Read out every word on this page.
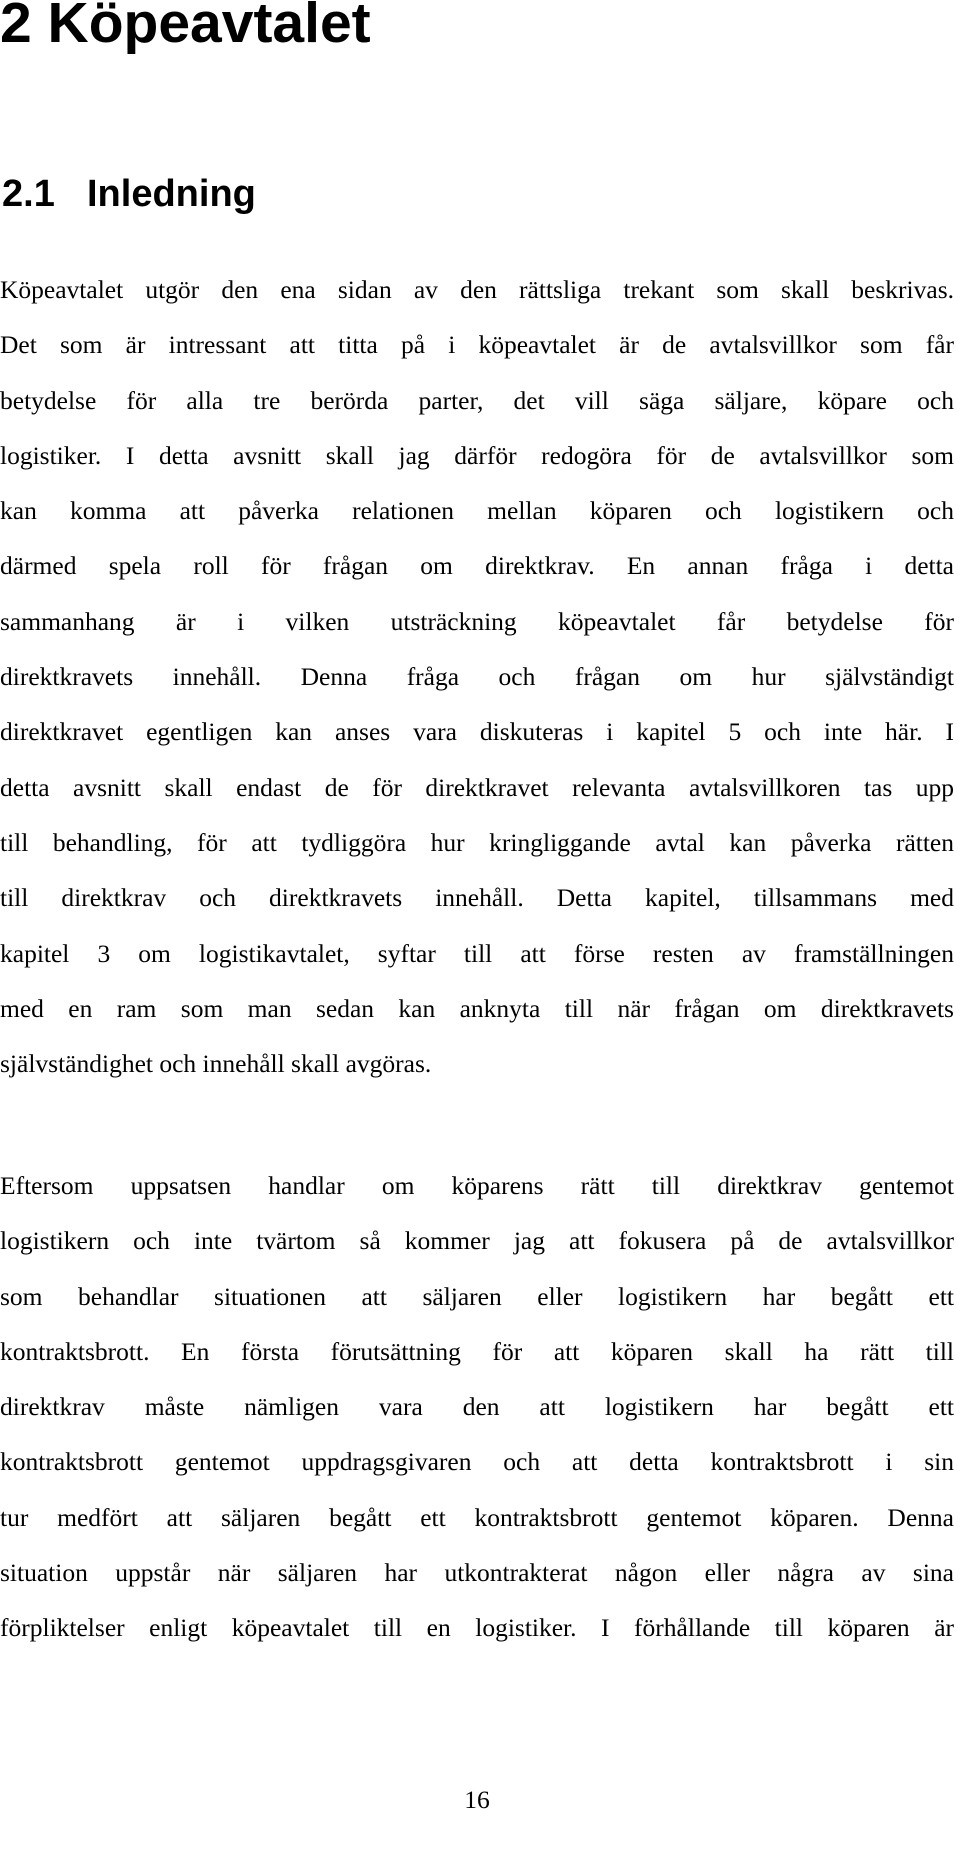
2 Köpeavtalet
2.1 Inledning
Köpeavtalet utgör den ena sidan av den rättsliga trekant som skall beskrivas.
Det som är intressant att titta på i köpeavtalet är de avtalsvillkor som får
betydelse för alla tre berörda parter, det vill säga säljare, köpare och
logistiker. I detta avsnitt skall jag därför redogöra för de avtalsvillkor som
kan komma att påverka relationen mellan köparen och logistikern och
därmed spela roll för frågan om direktkrav. En annan fråga i detta
sammanhang är i vilken utsträckning köpeavtalet får betydelse för
direktkravets innehåll. Denna fråga och frågan om hur självständigt
direktkravet egentligen kan anses vara diskuteras i kapitel 5 och inte här. I
detta avsnitt skall endast de för direktkravet relevanta avtalsvillkoren tas upp
till behandling, för att tydliggöra hur kringliggande avtal kan påverka rätten
till direktkrav och direktkravets innehåll. Detta kapitel, tillsammans med
kapitel 3 om logistikavtalet, syftar till att förse resten av framställningen
med en ram som man sedan kan anknyta till när frågan om direktkravets
självständighet och innehåll skall avgöras.
Eftersom uppsatsen handlar om köparens rätt till direktkrav gentemot
logistikern och inte tvärtom så kommer jag att fokusera på de avtalsvillkor
som behandlar situationen att säljaren eller logistikern har begått ett
kontraktsbrott. En första förutsättning för att köparen skall ha rätt till
direktkrav måste nämligen vara den att logistikern har begått ett
kontraktsbrott gentemot uppdragsgivaren och att detta kontraktsbrott i sin
tur medfört att säljaren begått ett kontraktsbrott gentemot köparen. Denna
situation uppstår när säljaren har utkontrakterat någon eller några av sina
förpliktelser enligt köpeavtalet till en logistiker. I förhållande till köparen är
16
